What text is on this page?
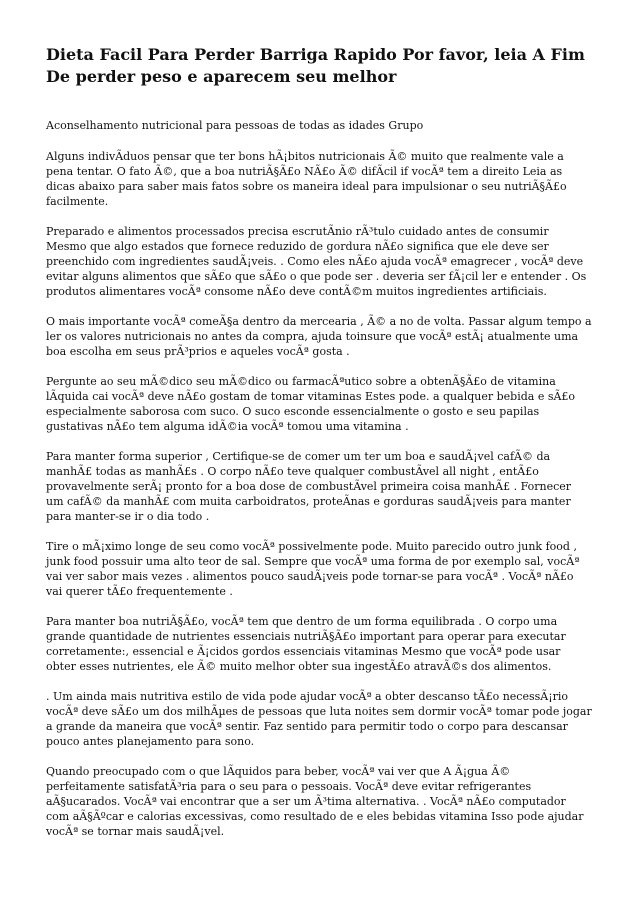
Dieta Facil Para Perder Barriga Rapido Por favor, leia A Fim De perder peso e aparecem seu melhor

Aconselhamento nutricional para pessoas de todas as idades Grupo

Alguns indivÃduos pensar que ter bons hÃ¡bitos nutricionais Ã© muito que realmente vale a pena tentar. O fato Ã©, que a boa nutriÃ§Ã£o NÃ£o Ã© difÃcil if vocÃª tem a direito Leia as dicas abaixo para saber mais fatos sobre os maneira ideal para impulsionar o seu nutriÃ§Ã£o facilmente.

Preparado e alimentos processados precisa escrutÃnio rÃ³tulo cuidado antes de consumir Mesmo que algo estados que fornece reduzido de gordura nÃ£o significa que ele deve ser preenchido com ingredientes saudÃ¡veis. . Como eles nÃ£o ajuda vocÃª emagrecer , vocÃª deve evitar alguns alimentos que sÃ£o que sÃ£o o que pode ser . deveria ser fÃ¡cil ler e entender . Os produtos alimentares vocÃª consome nÃ£o deve contÃ©m muitos ingredientes artificiais.

O mais importante vocÃª comeÃ§a dentro da mercearia , Ã© a no de volta. Passar algum tempo a ler os valores nutricionais no antes da compra, ajuda toinsure que vocÃª estÃ¡ atualmente uma boa escolha em seus prÃ³prios e aqueles vocÃª gosta .

Pergunte ao seu mÃ©dico seu mÃ©dico ou farmacÃªutico sobre a obtenÃ§Ã£o de vitamina lÃquida cai vocÃª deve nÃ£o gostam de tomar vitaminas Estes pode. a qualquer bebida e sÃ£o especialmente saborosa com suco. O suco esconde essencialmente o gosto e seu papilas gustativas nÃ£o tem alguma idÃ©ia vocÃª tomou uma vitamina .

Para manter forma superior , Certifique-se de comer um ter um boa e saudÃ¡vel cafÃ© da manhÃ£ todas as manhÃ£s . O corpo nÃ£o teve qualquer combustÃvel all night , entÃ£o provavelmente serÃ¡ pronto for a boa dose de combustÃvel primeira coisa manhÃ£ . Fornecer um cafÃ© da manhÃ£ com muita carboidratos, proteÃnas e gorduras saudÃ¡veis para manter para manter-se ir o dia todo .

Tire o mÃ¡ximo longe de seu como vocÃª possivelmente pode. Muito parecido outro junk food , junk food possuir uma alto teor de sal. Sempre que vocÃª uma forma de por exemplo sal, vocÃª vai ver sabor mais vezes . alimentos pouco saudÃ¡veis pode tornar-se para vocÃª . VocÃª nÃ£o vai querer tÃ£o frequentemente .

Para manter boa nutriÃ§Ã£o, vocÃª tem que dentro de um forma equilibrada . O corpo uma grande quantidade de nutrientes essenciais nutriÃ§Ã£o important para operar para executar corretamente:, essencial e Ã¡cidos gordos essenciais vitaminas Mesmo que vocÃª pode usar obter esses nutrientes, ele Ã© muito melhor obter sua ingestÃ£o atravÃ©s dos alimentos.

. Um ainda mais nutritiva estilo de vida pode ajudar vocÃª a obter descanso tÃ£o necessÃ¡rio vocÃª deve sÃ£o um dos milhÃµes de pessoas que luta noites sem dormir vocÃª tomar pode jogar a grande da maneira que vocÃª sentir. Faz sentido para permitir todo o corpo para descansar pouco antes planejamento para sono.

Quando preocupado com o que lÃquidos para beber, vocÃª vai ver que A Ã¡gua Ã© perfeitamente satisfatÃ³ria para o seu para o pessoais. VocÃª deve evitar refrigerantes aÃ§ucarados. VocÃª vai encontrar que a ser um Ã³tima alternativa. . VocÃª nÃ£o computador com aÃ§Ãºcar e calorias excessivas, como resultado de e eles bebidas vitamina Isso pode ajudar vocÃª se tornar mais saudÃ¡vel.
